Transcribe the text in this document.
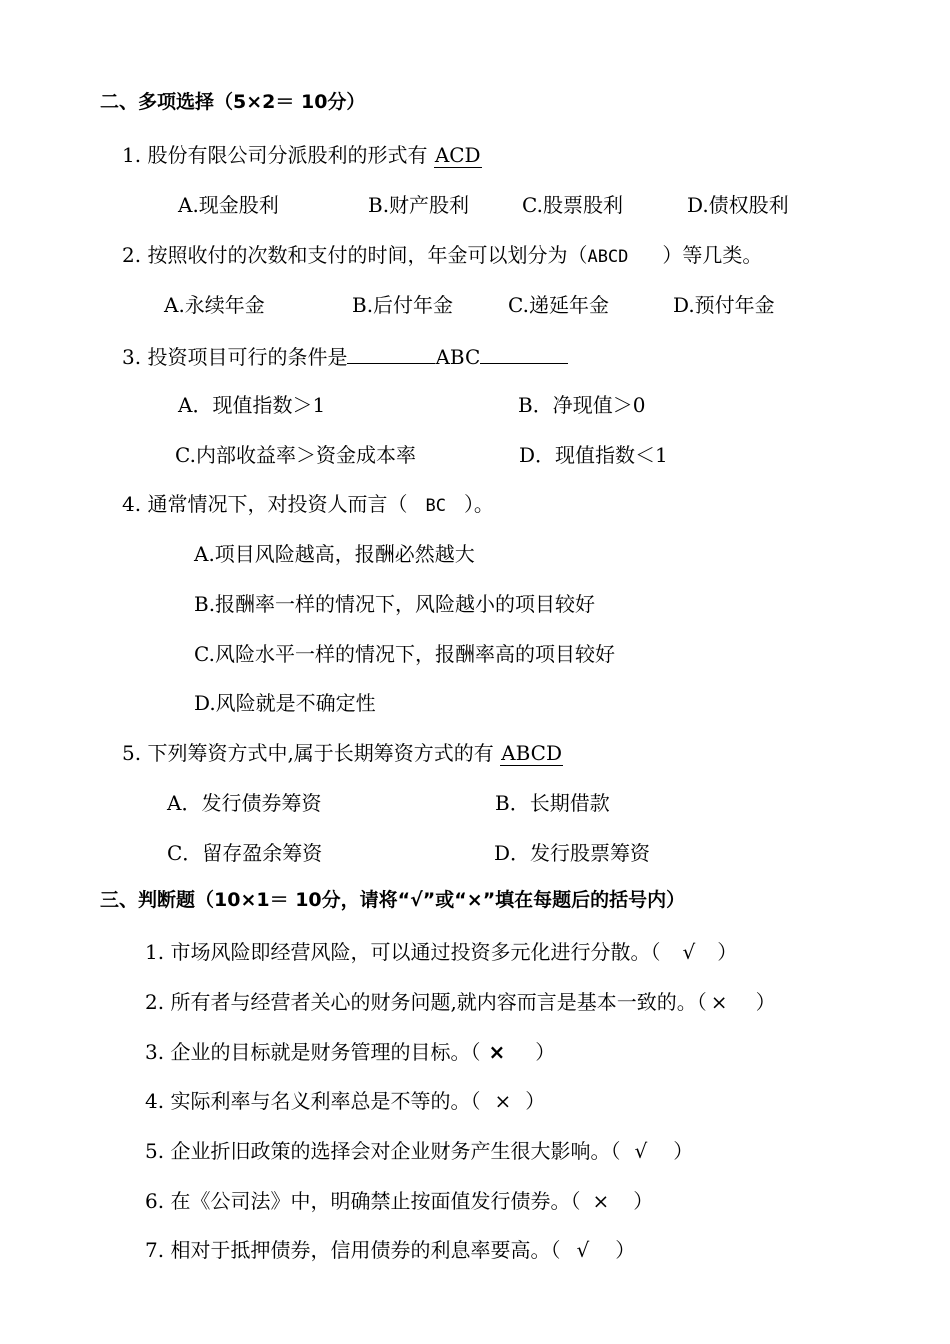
二、多项选择（5×2＝ 10分）
1. 股份有限公司分派股利的形式有 ACD
A.现金股利	B.财产股利	C.股票股利	D.债权股利
2. 按照收付的次数和支付的时间，年金可以划分为（ABCD ）等几类。
A.永续年金	B.后付年金	C.递延年金	D.预付年金
3. 投资项目可行的条件是	ABC
A．现值指数＞1	B．净现值＞0
C.内部收益率＞资金成本率	D．现值指数＜1
4. 通常情况下，对投资人而言（ BC ）。
A.项目风险越高，报酬必然越大
B.报酬率一样的情况下，风险越小的项目较好
C.风险水平一样的情况下，报酬率高的项目较好
D.风险就是不确定性
5. 下列筹资方式中,属于长期筹资方式的有 ABCD
A．发行债券筹资	B．长期借款
C．留存盈余筹资	D．发行股票筹资
三、判断题（10×1＝ 10分，请将“√”或“×”填在每题后的括号内）
1. 市场风险即经营风险，可以通过投资多元化进行分散。（ √ ）
2. 所有者与经营者关心的财务问题,就内容而言是基本一致的。（ × ）
3. 企业的目标就是财务管理的目标。（ × ）
4. 实际利率与名义利率总是不等的。（ × ）
5. 企业折旧政策的选择会对企业财务产生很大影响。（ √ ）
6. 在《公司法》中，明确禁止按面值发行债券。（ × ）
7. 相对于抵押债券，信用债券的利息率要高。（ √ ）
